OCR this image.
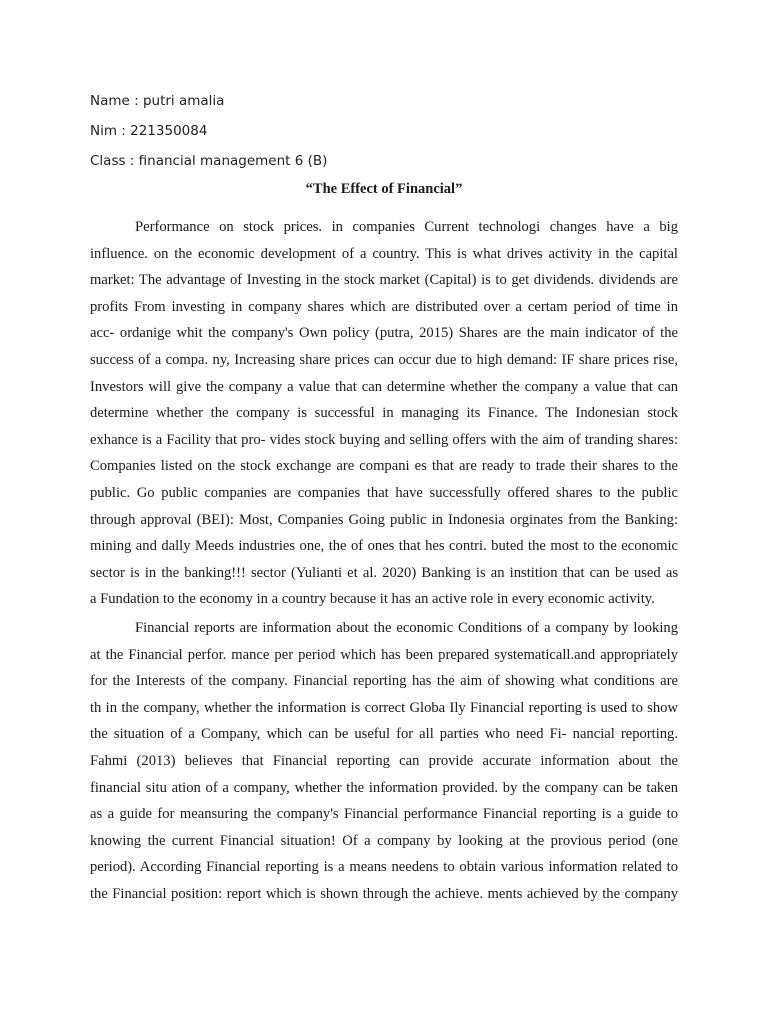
Name : putri amalia
Nim : 221350084
Class : financial management 6 (B)
“The Effect of Financial”
Performance on stock prices. in companies Current technologi changes have a big
influence. on the economic development of a country. This is what drives activity in the capital
market: The advantage of Investing in the stock market (Capital) is to get dividends. dividends are
profits From investing in company shares which are distributed over a certam period of time in
acc- ordanige whit the company's Own policy (putra, 2015) Shares are the main indicator of the
success of a compa. ny, Increasing share prices can occur due to high demand: IF share prices rise,
Investors will give the company a value that can determine whether the company a value that can
determine whether the company is successful in managing its Finance. The Indonesian stock
exhance is a Facility that pro- vides stock buying and selling offers with the aim of tranding shares:
Companies listed on the stock exchange are compani es that are ready to trade their shares to the
public. Go public companies are companies that have successfully offered shares to the public
through approval (BEI): Most, Companies Going public in Indonesia orginates from the Banking:
mining and dally Meeds industries one, the of ones that hes contri. buted the most to the economic
sector is in the banking!!! sector (Yulianti et al. 2020) Banking is an instition that can be used as
a Fundation to the economy in a country because it has an active role in every economic activity.
Financial reports are information about the economic Conditions of a company by looking
at the Financial perfor. mance per period which has been prepared systematicall.and appropriately
for the Interests of the company. Financial reporting has the aim of showing what conditions are
th in the company, whether the information is correct Globa Ily Financial reporting is used to show
the situation of a Company, which can be useful for all parties who need Fi- nancial reporting.
Fahmi (2013) believes that Financial reporting can provide accurate information about the
financial situ ation of a company, whether the information provided. by the company can be taken
as a guide for meansuring the company's Financial performance Financial reporting is a guide to
knowing the current Financial situationǃ Of a company by looking at the provious period (one
period). According Financial reporting is a means needens to obtain various information related to
the Financial position: report which is shown through the achieve. ments achieved by the company
